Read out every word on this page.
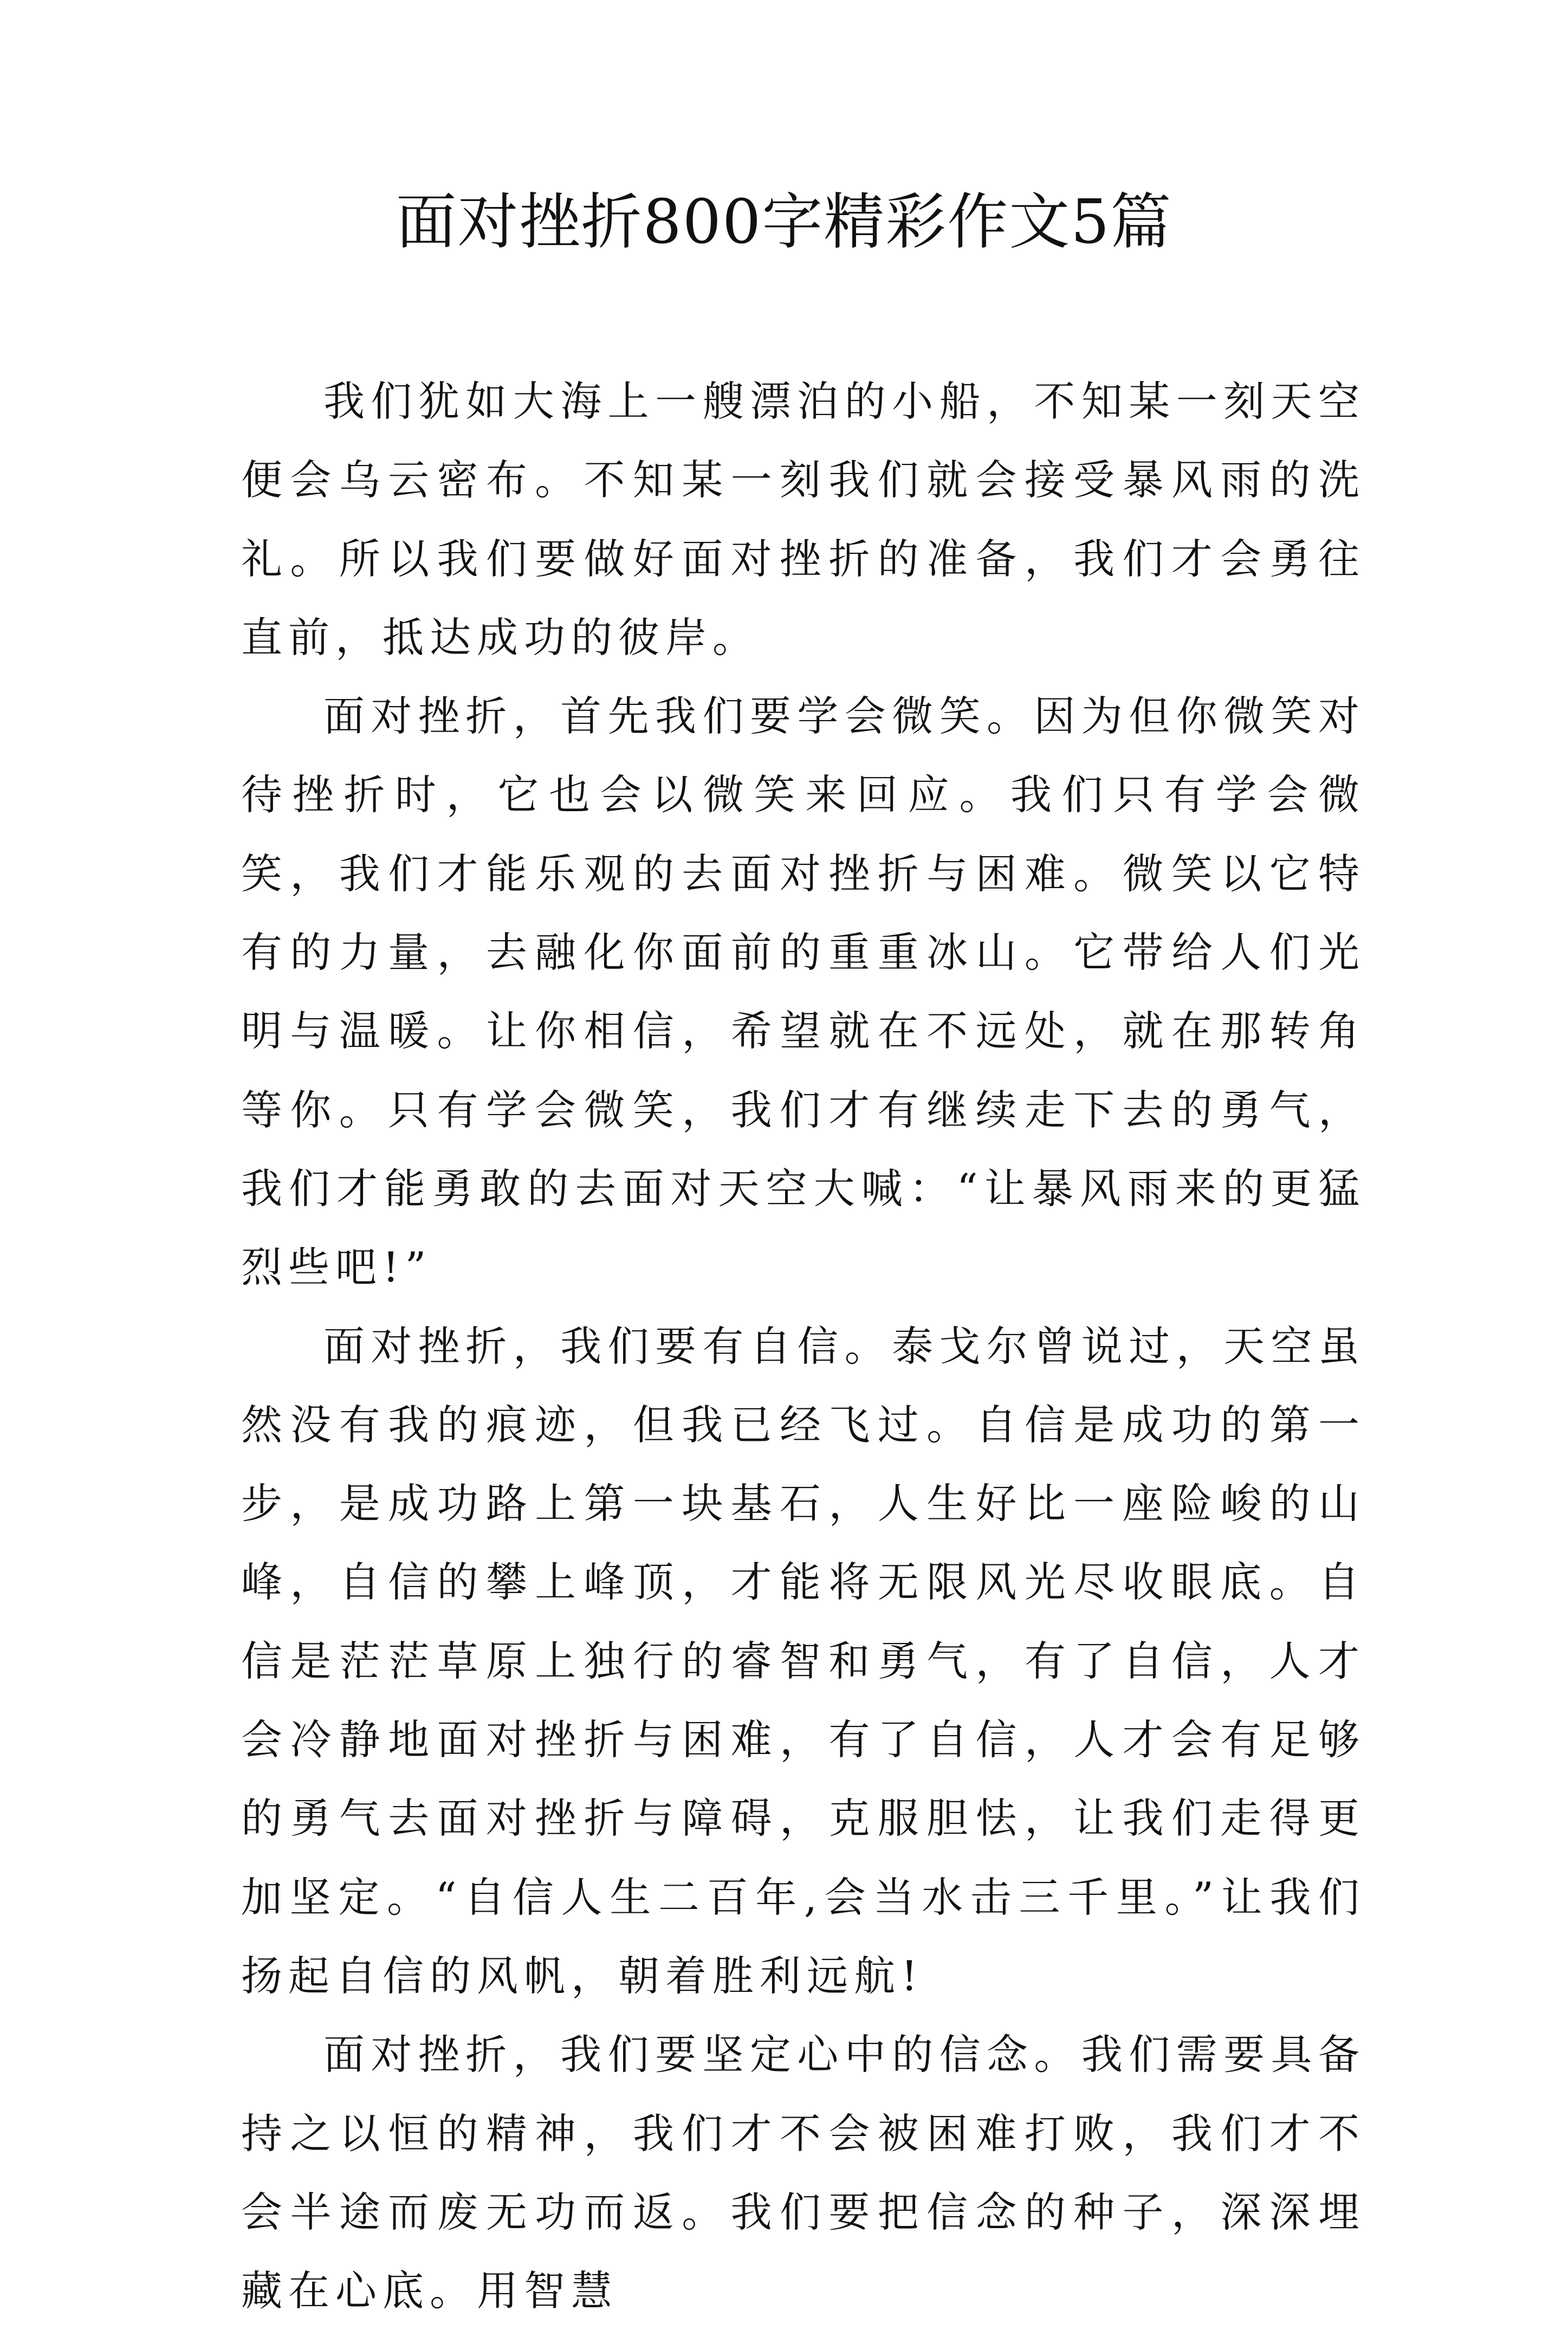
面对挫折800字精彩作文5篇

我们犹如大海上一艘漂泊的小船，不知某一刻天空便会乌云密布。不知某一刻我们就会接受暴风雨的洗礼。所以我们要做好面对挫折的准备，我们才会勇往直前，抵达成功的彼岸。

面对挫折，首先我们要学会微笑。因为但你微笑对待挫折时，它也会以微笑来回应。我们只有学会微笑，我们才能乐观的去面对挫折与困难。微笑以它特有的力量，去融化你面前的重重冰山。它带给人们光明与温暖。让你相信，希望就在不远处，就在那转角等你。只有学会微笑，我们才有继续走下去的勇气，我们才能勇敢的去面对天空大喊：“让暴风雨来的更猛烈些吧!”

面对挫折，我们要有自信。泰戈尔曾说过，天空虽然没有我的痕迹，但我已经飞过。自信是成功的第一步，是成功路上第一块基石，人生好比一座险峻的山峰，自信的攀上峰顶，才能将无限风光尽收眼底。自信是茫茫草原上独行的睿智和勇气，有了自信，人才会冷静地面对挫折与困难，有了自信，人才会有足够的勇气去面对挫折与障碍，克服胆怯，让我们走得更加坚定。“自信人生二百年,会当水击三千里。”让我们扬起自信的风帆，朝着胜利远航!

面对挫折，我们要坚定心中的信念。我们需要具备持之以恒的精神，我们才不会被困难打败，我们才不会半途而废无功而返。我们要把信念的种子，深深埋藏在心底。用智慧
